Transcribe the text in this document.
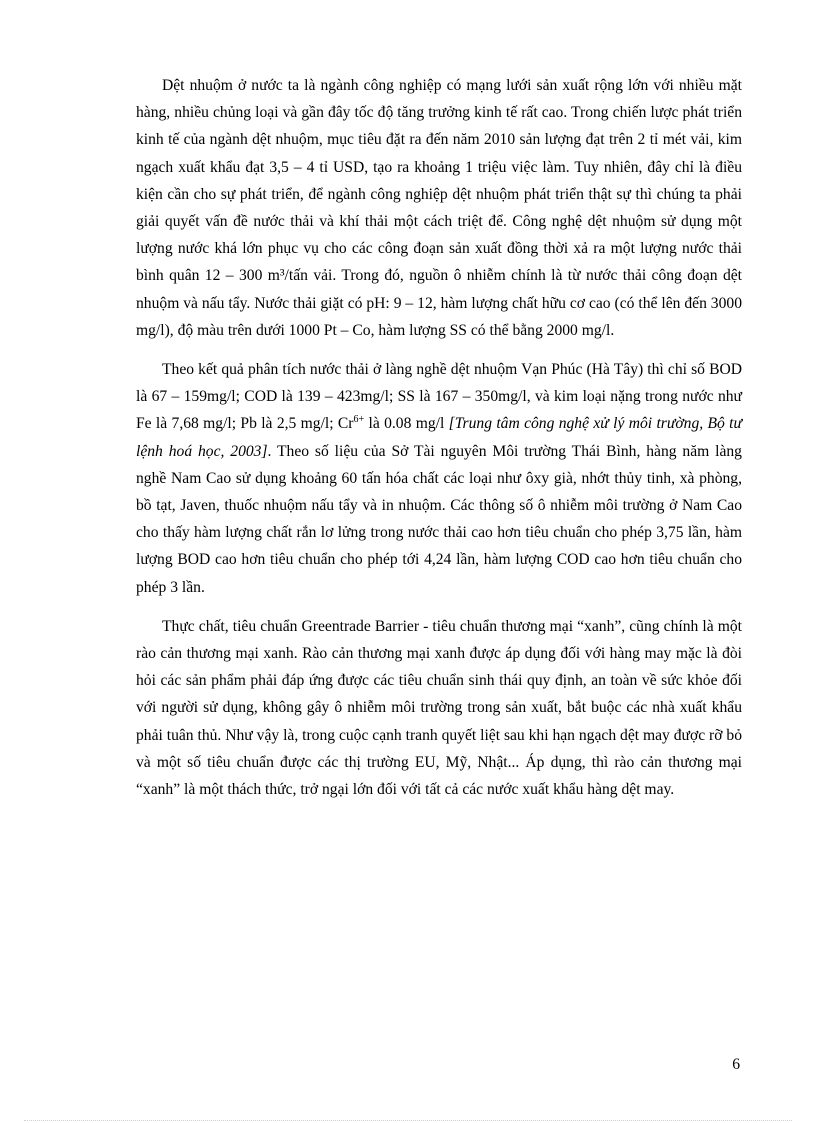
Dệt nhuộm ở nước ta là ngành công nghiệp có mạng lưới sản xuất rộng lớn với nhiều mặt hàng, nhiều chủng loại và gần đây tốc độ tăng trưởng kinh tế rất cao. Trong chiến lược phát triển kinh tế của ngành dệt nhuộm, mục tiêu đặt ra đến năm 2010 sản lượng đạt trên 2 tỉ mét vải, kim ngạch xuất khẩu đạt 3,5 – 4 tỉ USD, tạo ra khoảng 1 triệu việc làm. Tuy nhiên, đây chỉ là điều kiện cần cho sự phát triển, để ngành công nghiệp dệt nhuộm phát triển thật sự thì chúng ta phải giải quyết vấn đề nước thải và khí thải một cách triệt để. Công nghệ dệt nhuộm sử dụng một lượng nước khá lớn phục vụ cho các công đoạn sản xuất đồng thời xả ra một lượng nước thải bình quân 12 – 300 m³/tấn vải. Trong đó, nguồn ô nhiễm chính là từ nước thải công đoạn dệt nhuộm và nấu tẩy. Nước thải giặt có pH: 9 – 12, hàm lượng chất hữu cơ cao (có thể lên đến 3000 mg/l), độ màu trên dưới 1000 Pt – Co, hàm lượng SS có thể bằng 2000 mg/l.

Theo kết quả phân tích nước thải ở làng nghề dệt nhuộm Vạn Phúc (Hà Tây) thì chỉ số BOD là 67 – 159mg/l; COD là 139 – 423mg/l; SS là 167 – 350mg/l, và kim loại nặng trong nước như Fe là 7,68 mg/l; Pb là 2,5 mg/l; $Cr^{6+}$ là 0.08 mg/l [Trung tâm công nghệ xử lý môi trường, Bộ tư lệnh hoá học, 2003]. Theo số liệu của Sở Tài nguyên Môi trường Thái Bình, hàng năm làng nghề Nam Cao sử dụng khoảng 60 tấn hóa chất các loại như ôxy già, nhớt thủy tinh, xà phòng, bồ tạt, Javen, thuốc nhuộm nấu tẩy và in nhuộm. Các thông số ô nhiễm môi trường ở Nam Cao cho thấy hàm lượng chất rắn lơ lửng trong nước thải cao hơn tiêu chuẩn cho phép 3,75 lần, hàm lượng BOD cao hơn tiêu chuẩn cho phép tới 4,24 lần, hàm lượng COD cao hơn tiêu chuẩn cho phép 3 lần.

Thực chất, tiêu chuẩn Greentrade Barrier - tiêu chuẩn thương mại “xanh”, cũng chính là một rào cản thương mại xanh. Rào cản thương mại xanh được áp dụng đối với hàng may mặc là đòi hỏi các sản phẩm phải đáp ứng được các tiêu chuẩn sinh thái quy định, an toàn về sức khỏe đối với người sử dụng, không gây ô nhiễm môi trường trong sản xuất, bắt buộc các nhà xuất khẩu phải tuân thủ. Như vậy là, trong cuộc cạnh tranh quyết liệt sau khi hạn ngạch dệt may được rỡ bỏ và một số tiêu chuẩn được các thị trường EU, Mỹ, Nhật... Áp dụng, thì rào cản thương mại “xanh” là một thách thức, trở ngại lớn đối với tất cả các nước xuất khẩu hàng dệt may.

6
